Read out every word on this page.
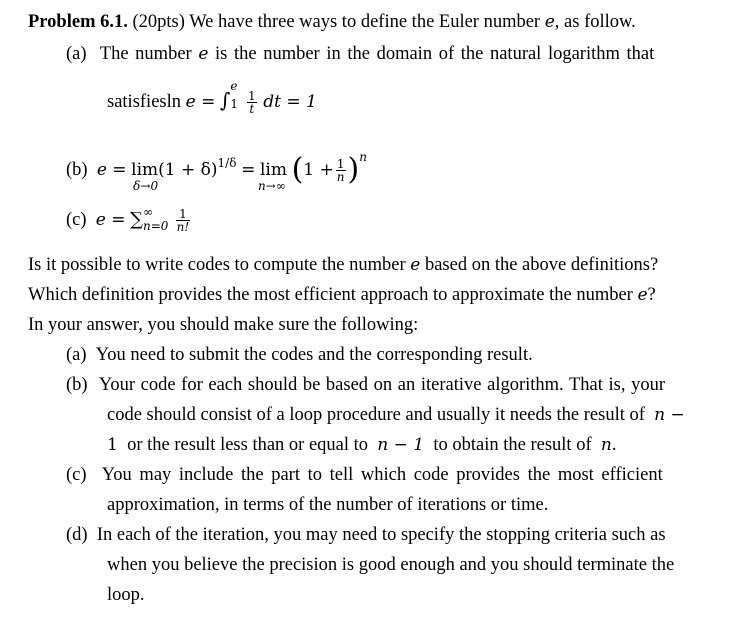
Problem 6.1. (20pts) We have three ways to define the Euler number e, as follow.
(a) The number e is the number in the domain of the natural logarithm that
satisfiesln e = ∫
e
1
$\frac{1}{t}$ dt = 1
(b) e = lim
δ→0
$(1 + \delta)^{1/\delta} = \lim$
n→∞ $(1 + \frac{1}{n} )^n$
(c) e = ∑ ∞
n=0
$\frac{1}{n!}$
Is it possible to write codes to compute the number e based on the above definitions?
Which definition provides the most efficient approach to approximate the number e?
In your answer, you should make sure the following:
(a) You need to submit the codes and the corresponding result.
(b) Your code for each should be based on an iterative algorithm. That is, your
code should consist of a loop procedure and usually it needs the result of n −
1 or the result less than or equal to n − 1 to obtain the result of n.
(c) You may include the part to tell which code provides the most efficient
approximation, in terms of the number of iterations or time.
(d) In each of the iteration, you may need to specify the stopping criteria such as
when you believe the precision is good enough and you should terminate the
loop.
